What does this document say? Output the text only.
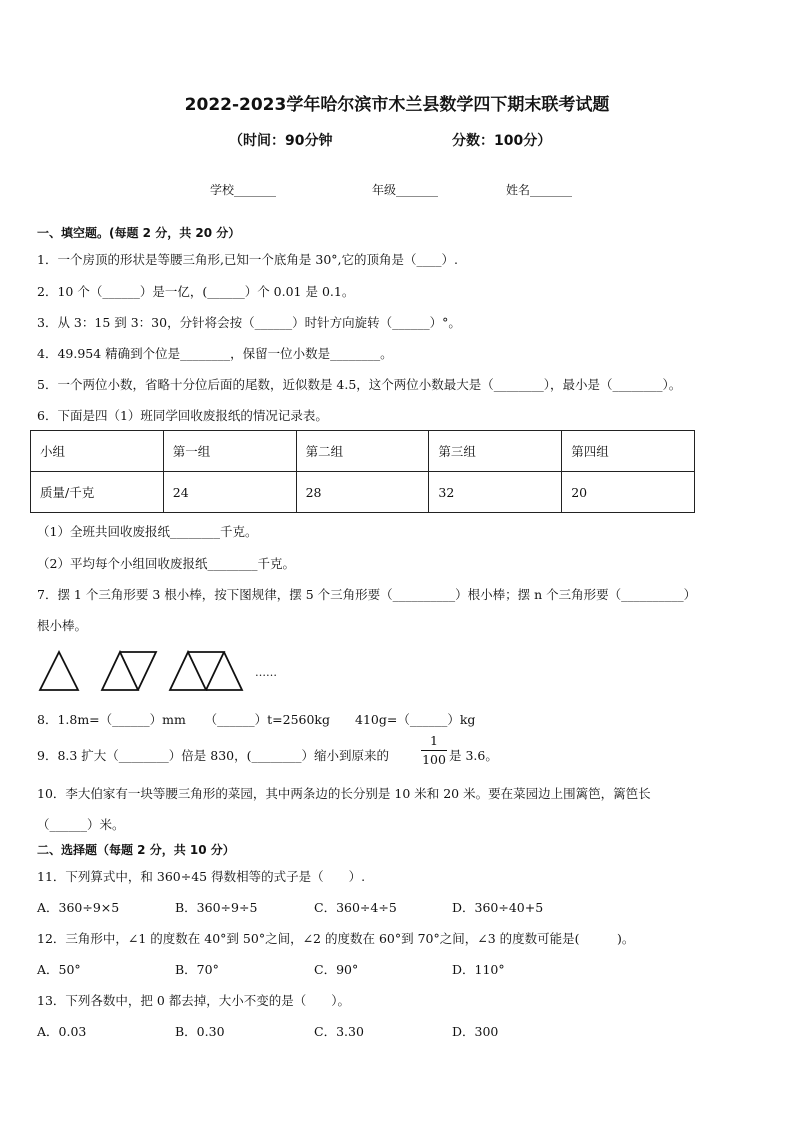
2022-2023学年哈尔滨市木兰县数学四下期末联考试题
（时间：90分钟	分数：100分）
学校_______	年级_______	姓名_______
一、填空题。(每题 2 分，共 20 分）
1．一个房顶的形状是等腰三角形,已知一个底角是 30°,它的顶角是（____）.
2．10 个（______）是一亿，(______）个 0.01 是 0.1。
3．从 3：15 到 3：30，分针将会按（______）时针方向旋转（______）°。
4．49.954 精确到个位是________，保留一位小数是________。
5．一个两位小数，省略十分位后面的尾数，近似数是 4.5，这个两位小数最大是（________），最小是（________）。
6．下面是四（1）班同学回收废报纸的情况记录表。
小组	第一组	第二组	第三组	第四组
质量/千克	24	28	32	20
（1）全班共回收废报纸________千克。
（2）平均每个小组回收废报纸________千克。
7．摆 1 个三角形要 3 根小棒，按下图规律，摆 5 个三角形要（__________）根小棒；摆 n 个三角形要（__________）
根小棒。
……
8．1.8m=（______）mm　　（______）t=2560kg　　410g=（______）kg
9．8.3 扩大（________）倍是 830，(________）缩小到原来的
1
100 是 3.6。
10．李大伯家有一块等腰三角形的菜园，其中两条边的长分别是 10 米和 20 米。要在菜园边上围篱笆，篱笆长
（______）米。
二、选择题（每题 2 分，共 10 分）
11．下列算式中，和 360÷45 得数相等的式子是（　　）.
A．360÷9×5	B．360÷9÷5	C．360÷4÷5	D．360÷40+5
12．三角形中，∠1 的度数在 40°到 50°之间，∠2 的度数在 60°到 70°之间，∠3 的度数可能是(　　　)。
A．50°	B．70°	C．90°	D．110°
13．下列各数中，把 0 都去掉，大小不变的是（　　）。
A．0.03	B．0.30	C．3.30	D．300
